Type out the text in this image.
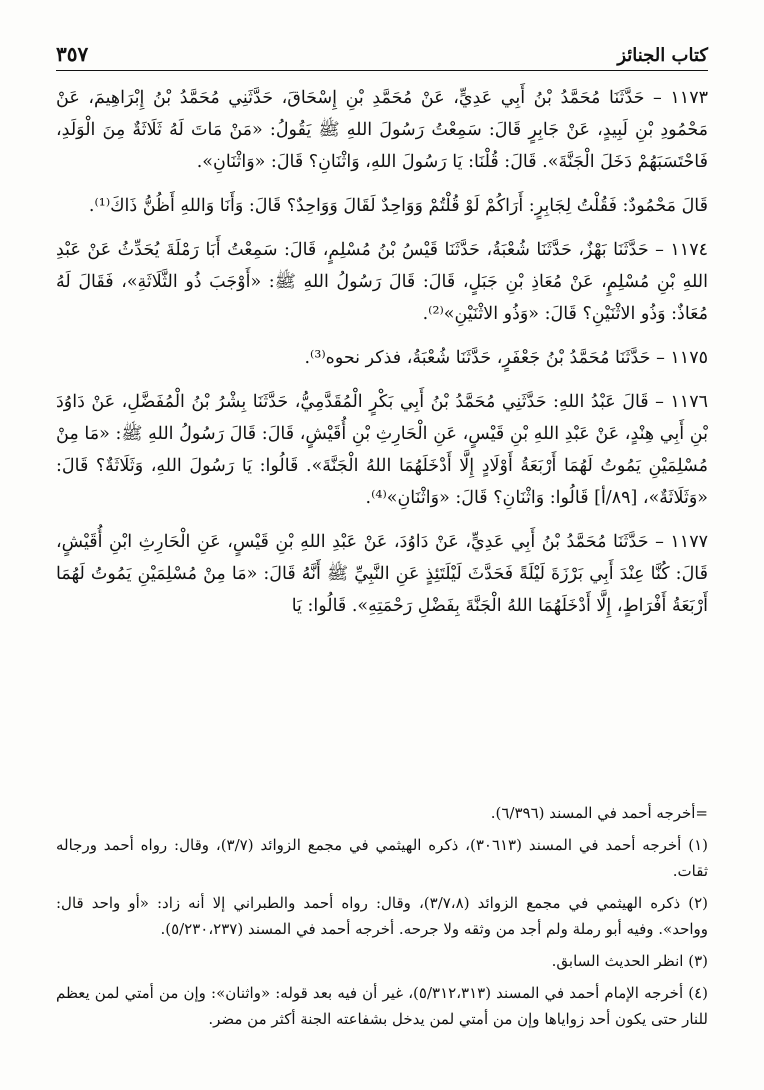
كتاب الجنائز
٣٥٧

١١٧٣ – حَدَّثَنَا مُحَمَّدُ بْنُ أَبِي عَدِيٍّ، عَنْ مُحَمَّدِ بْنِ إِسْحَاقَ، حَدَّثَنِي مُحَمَّدُ بْنُ إِبْرَاهِيمَ، عَنْ مَحْمُودِ بْنِ لَبِيدٍ، عَنْ جَابِرٍ قَالَ: سَمِعْتُ رَسُولَ اللهِ ﷺ يَقُولُ: «مَنْ مَاتَ لَهُ ثَلَاثَةٌ مِنَ الْوَلَدِ، فَاحْتَسَبَهُمْ دَخَلَ الْجَنَّةَ». قَالَ: قُلْنَا: يَا رَسُولَ اللهِ، وَاثْنَانِ؟ قَالَ: «وَاثْنَانِ».

قَالَ مَحْمُودٌ: فَقُلْتُ لِجَابِرٍ: أَرَاكُمْ لَوْ قُلْتُمْ وَوَاحِدٌ لَقَالَ وَوَاحِدٌ؟ قَالَ: وَأَنَا وَاللهِ أَظُنُّ ذَاكَ⁽¹⁾.

١١٧٤ – حَدَّثَنَا بَهْزٌ، حَدَّثَنَا شُعْبَةُ، حَدَّثَنَا قَيْسُ بْنُ مُسْلِمٍ، قَالَ: سَمِعْتُ أَبَا رَمْلَةَ يُحَدِّثُ عَنْ عَبْدِ اللهِ بْنِ مُسْلِمٍ، عَنْ مُعَاذِ بْنِ جَبَلٍ، قَالَ: قَالَ رَسُولُ اللهِ ﷺ: «أَوْجَبَ ذُو الثَّلَاثَةِ»، فَقَالَ لَهُ مُعَاذٌ: وَذُو الاثْنَيْنِ؟ قَالَ: «وَذُو الاثْنَيْنِ»⁽²⁾.

١١٧٥ – حَدَّثَنَا مُحَمَّدُ بْنُ جَعْفَرٍ، حَدَّثَنَا شُعْبَةُ، فذكر نحوه⁽³⁾.

١١٧٦ – قَالَ عَبْدُ اللهِ: حَدَّثَنِي مُحَمَّدُ بْنُ أَبِي بَكْرٍ الْمُقَدَّمِيُّ، حَدَّثَنَا بِشْرُ بْنُ الْمُفَضَّلِ، عَنْ دَاوُدَ بْنِ أَبِي هِنْدٍ، عَنْ عَبْدِ اللهِ بْنِ قَيْسٍ، عَنِ الْحَارِثِ بْنِ أُقَيْشٍ، قَالَ: قَالَ رَسُولُ اللهِ ﷺ: «مَا مِنْ مُسْلِمَيْنِ يَمُوتُ لَهُمَا أَرْبَعَةُ أَوْلَادٍ إِلَّا أَدْخَلَهُمَا اللهُ الْجَنَّةَ». قَالُوا: يَا رَسُولَ اللهِ، وَثَلَاثَةٌ؟ قَالَ: «وَثَلَاثَةٌ»، [٨٩/أ] قَالُوا: وَاثْنَانِ؟ قَالَ: «وَاثْنَانِ»⁽⁴⁾.

١١٧٧ – حَدَّثَنَا مُحَمَّدُ بْنُ أَبِي عَدِيٍّ، عَنْ دَاوُدَ، عَنْ عَبْدِ اللهِ بْنِ قَيْسٍ، عَنِ الْحَارِثِ ابْنِ أُقَيْشٍ، قَالَ: كُنَّا عِنْدَ أَبِي بَرْزَةَ لَيْلَةً فَحَدَّثَ لَيْلَتَئِذٍ عَنِ النَّبِيِّ ﷺ أَنَّهُ قَالَ: «مَا مِنْ مُسْلِمَيْنِ يَمُوتُ لَهُمَا أَرْبَعَةُ أَفْرَاطٍ، إِلَّا أَدْخَلَهُمَا اللهُ الْجَنَّةَ بِفَضْلِ رَحْمَتِهِ». قَالُوا: يَا

=أخرجه أحمد في المسند (٦/٣٩٦).

(١) أخرجه أحمد في المسند (٣٠٦١٣)، ذكره الهيثمي في مجمع الزوائد (٣/٧)، وقال: رواه أحمد ورجاله ثقات.

(٢) ذكره الهيثمي في مجمع الزوائد (٣/٧،٨)، وقال: رواه أحمد والطبراني إلا أنه زاد: «أو واحد قال: وواحد». وفيه أبو رملة ولم أجد من وثقه ولا جرحه. أخرجه أحمد في المسند (٥/٢٣٠،٢٣٧).

(٣) انظر الحديث السابق.

(٤) أخرجه الإمام أحمد في المسند (٥/٣١٢،٣١٣)، غير أن فيه بعد قوله: «واثنان»: وإن من أمتي لمن يعظم للنار حتى يكون أحد زواياها وإن من أمتي لمن يدخل بشفاعته الجنة أكثر من مضر.
